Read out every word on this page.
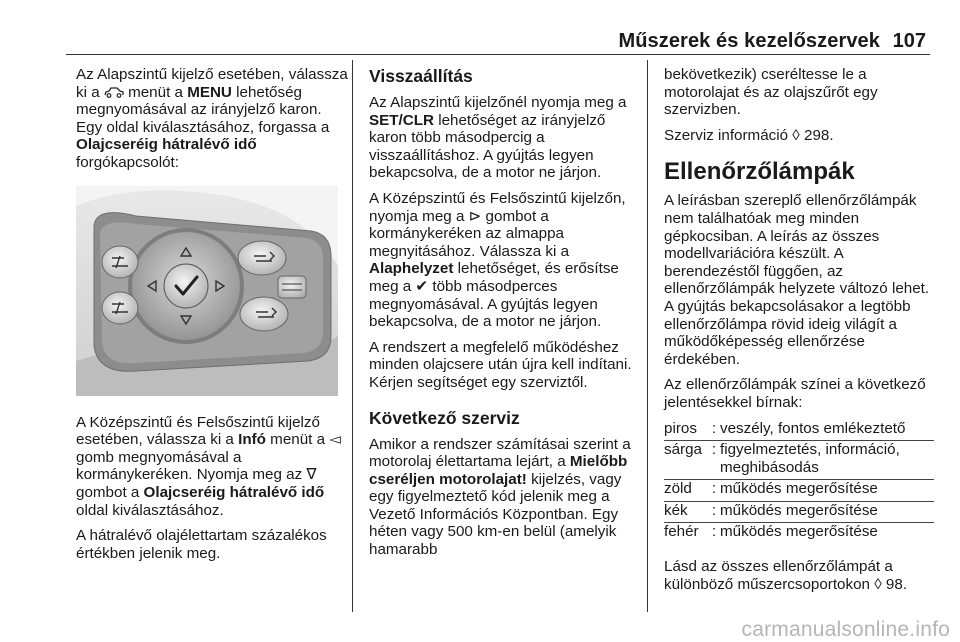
Műszerek és kezelőszervek 107

Az Alapszintű kijelző esetében, válassza ki a  menüt a MENU lehetőség megnyomásával az irányjelző karon. Egy oldal kiválasztásához, forgassa a Olajcseréig hátralévő idő forgókapcsolót:

A Középszintű és Felsőszintű kijelző esetében, válassza ki a Infó menüt a ◅ gomb megnyomásával a kormánykeréken. Nyomja meg az ∇ gombot a Olajcseréig hátralévő idő oldal kiválasztásához.

A hátralévő olajélettartam százalékos értékben jelenik meg.

Visszaállítás

Az Alapszintű kijelzőnél nyomja meg a SET/CLR lehetőséget az irányjelző karon több másodpercig a visszaállításhoz. A gyújtás legyen bekapcsolva, de a motor ne járjon.

A Középszintű és Felsőszintű kijelzőn, nyomja meg a ⊳ gombot a kormánykeréken az almappa megnyitásához. Válassza ki a Alaphelyzet lehetőséget, és erősítse meg a ✔ több másodperces megnyomásával. A gyújtás legyen bekapcsolva, de a motor ne járjon.

A rendszert a megfelelő működéshez minden olajcsere után újra kell indítani. Kérjen segítséget egy szerviztől.

Következő szerviz

Amikor a rendszer számításai szerint a motorolaj élettartama lejárt, a Mielőbb cseréljen motorolajat! kijelzés, vagy egy figyelmeztető kód jelenik meg a Vezető Információs Központban. Egy héten vagy 500 km-en belül (amelyik hamarabb

bekövetkezik) cseréltesse le a motorolajat és az olajszűrőt egy szervizben.

Szerviz információ ◊ 298.

Ellenőrzőlámpák

A leírásban szereplő ellenőrzőlámpák nem találhatóak meg minden gépkocsiban. A leírás az összes modellvariációra készült. A berendezéstől függően, az ellenőrzőlámpák helyzete változó lehet. A gyújtás bekapcsolásakor a legtöbb ellenőrzőlámpa rövid ideig világít a működőképesség ellenőrzése érdekében.

Az ellenőrzőlámpák színei a következő jelentésekkel bírnak:

piros	:	veszély, fontos emlékeztető
sárga	:	figyelmeztetés, információ, meghibásodás
zöld	:	működés megerősítése
kék	:	működés megerősítése
fehér	:	működés megerősítése

Lásd az összes ellenőrzőlámpát a különböző műszercsoportokon ◊ 98.

carmanualsonline.info
